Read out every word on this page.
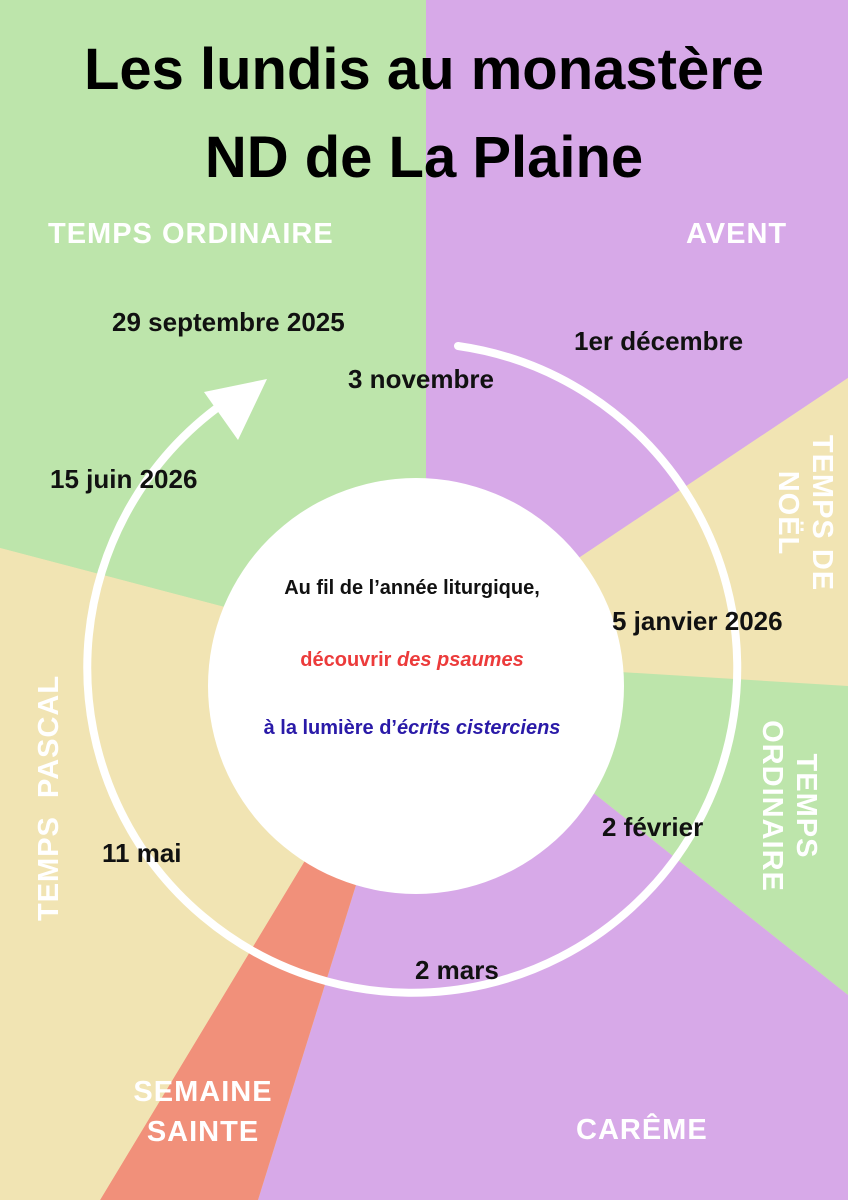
Les lundis au monastère
ND de La Plaine
TEMPS ORDINAIRE	AVENT
TEMPS DE
NOËL
TEMPS
ORDINAIRE
TEMPS  PASCAL
SEMAINE
SAINTE	CARÊME
29 septembre 2025
3 novembre
1er décembre
15 juin 2026
5 janvier 2026
2 février
11 mai
2 mars
Au fil de l’année liturgique,
découvrir des psaumes
à la lumière d’écrits cisterciens
